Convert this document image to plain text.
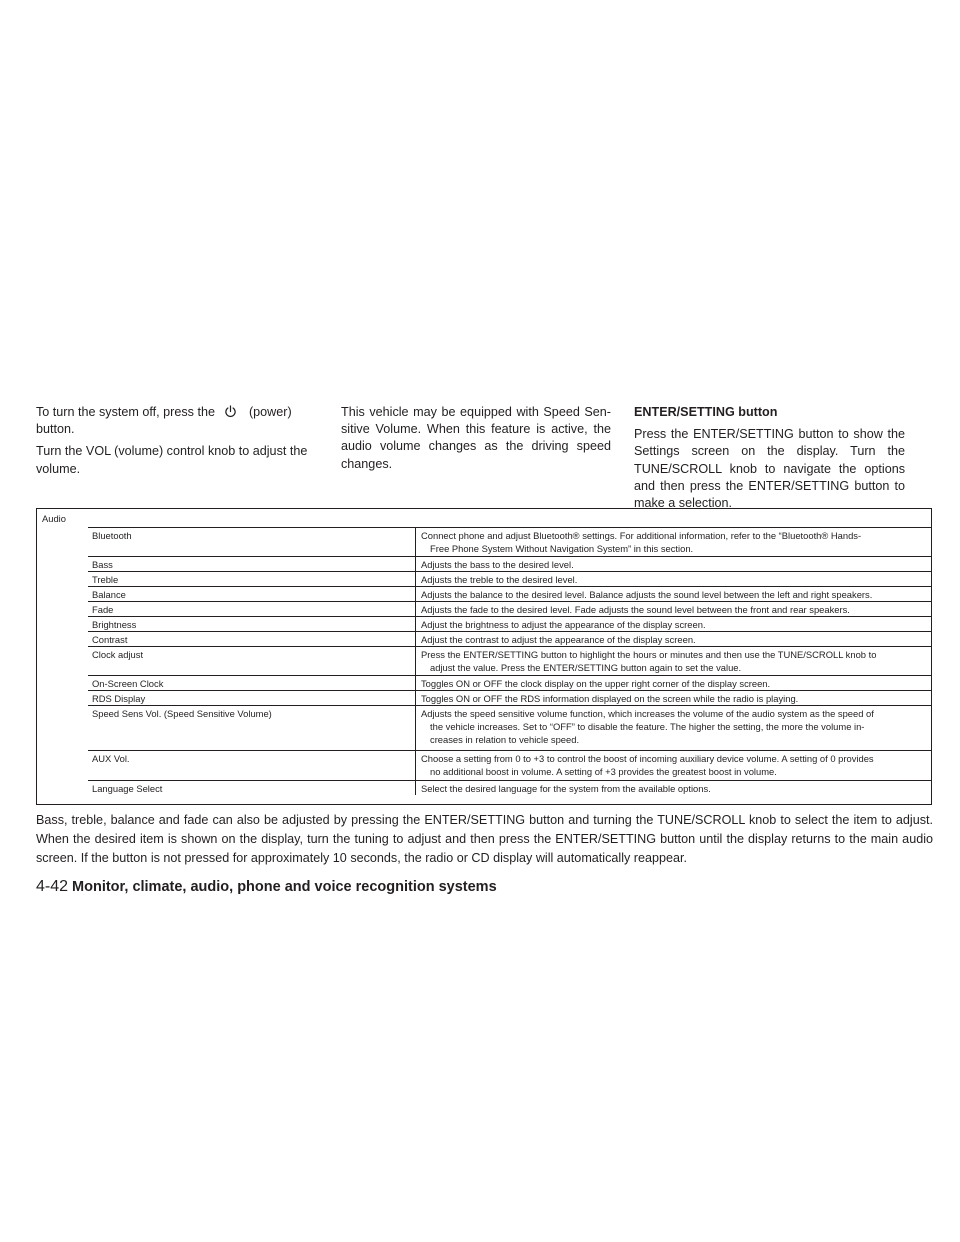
To turn the system off, press the	(power) button.

Turn the VOL (volume) control knob to adjust the volume.

This vehicle may be equipped with Speed Sen-sitive Volume. When this feature is active, the audio volume changes as the driving speed changes.

ENTER/SETTING button

Press the ENTER/SETTING button to show the Settings screen on the display. Turn the TUNE/SCROLL knob to navigate the options and then press the ENTER/SETTING button to make a selection.

Audio
Bluetooth	Connect phone and adjust Bluetooth® settings. For additional information, refer to the “Bluetooth® Hands-
Free Phone System Without Navigation System” in this section.
Bass	Adjusts the bass to the desired level.
Treble	Adjusts the treble to the desired level.
Balance	Adjusts the balance to the desired level. Balance adjusts the sound level between the left and right speakers.
Fade	Adjusts the fade to the desired level. Fade adjusts the sound level between the front and rear speakers.
Brightness	Adjust the brightness to adjust the appearance of the display screen.
Contrast	Adjust the contrast to adjust the appearance of the display screen.
Clock adjust	Press the ENTER/SETTING button to highlight the hours or minutes and then use the TUNE/SCROLL knob to
adjust the value. Press the ENTER/SETTING button again to set the value.
On-Screen Clock	Toggles ON or OFF the clock display on the upper right corner of the display screen.
RDS Display	Toggles ON or OFF the RDS information displayed on the screen while the radio is playing.
Speed Sens Vol. (Speed Sensitive Volume)	Adjusts the speed sensitive volume function, which increases the volume of the audio system as the speed of
the vehicle increases. Set to “OFF” to disable the feature. The higher the setting, the more the volume in-
creases in relation to vehicle speed.
AUX Vol.	Choose a setting from 0 to +3 to control the boost of incoming auxiliary device volume. A setting of 0 provides
no additional boost in volume. A setting of +3 provides the greatest boost in volume.
Language Select	Select the desired language for the system from the available options.

Bass, treble, balance and fade can also be adjusted by pressing the ENTER/SETTING button and turning the TUNE/SCROLL knob to select the item to adjust. When the desired item is shown on the display, turn the tuning to adjust and then press the ENTER/SETTING button until the display returns to the main audio screen. If the button is not pressed for approximately 10 seconds, the radio or CD display will automatically reappear.

4-42 Monitor, climate, audio, phone and voice recognition systems
